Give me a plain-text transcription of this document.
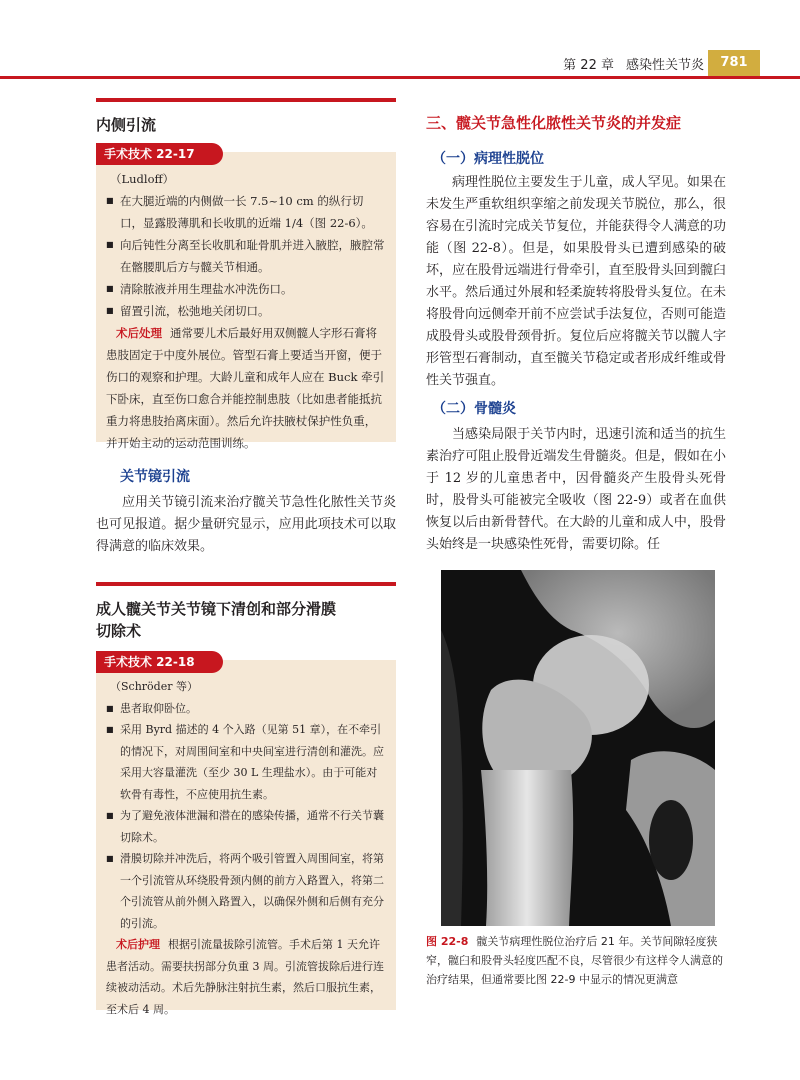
第 22 章 感染性关节炎	781
内侧引流

（Ludloff）

■ 在大腿近端的内侧做一长 7.5~10 cm 的纵行切口，显露股薄肌和长收肌的近端 1/4（图 22-6）。
■ 向后钝性分离至长收肌和耻骨肌并进入腋腔，腋腔常在髂腰肌后方与髋关节相通。
■ 清除脓液并用生理盐水冲洗伤口。
■ 留置引流，松弛地关闭切口。

术后处理 通常要儿术后最好用双侧髋人字形石膏将患肢固定于中度外展位。管型石膏上要适当开窗，便于伤口的观察和护理。大龄儿童和成年人应在 Buck 牵引下卧床，直至伤口愈合并能控制患肢（比如患者能抵抗重力将患肢抬离床面）。然后允许扶腋杖保护性负重，并开始主动的运动范围训练。

手术技术 22-17
关节镜引流

应用关节镜引流来治疗髋关节急性化脓性关节炎也可见报道。据少量研究显示，应用此项技术可以取得满意的临床效果。

成人髋关节关节镜下清创和部分滑膜
切除术

（Schröder 等）

■ 患者取仰卧位。
■ 采用 Byrd 描述的 4 个入路（见第 51 章），在不牵引的情况下，对周围间室和中央间室进行清创和灌洗。应采用大容量灌洗（至少 30 L 生理盐水）。由于可能对软骨有毒性，不应使用抗生素。
■ 为了避免液体泄漏和潜在的感染传播，通常不行关节囊切除术。
■ 滑膜切除并冲洗后，将两个吸引管置入周围间室，将第一个引流管从环绕股骨颈内侧的前方入路置入，将第二个引流管从前外侧入路置入，以确保外侧和后侧有充分的引流。

术后护理 根据引流量拔除引流管。手术后第 1 天允许患者活动。需要扶拐部分负重 3 周。引流管拔除后进行连续被动活动。术后先静脉注射抗生素，然后口服抗生素，至术后 4 周。

手术技术 22-18
三、髋关节急性化脓性关节炎的并发症
（一）病理性脱位

病理性脱位主要发生于儿童，成人罕见。如果在未发生严重软组织挛缩之前发现关节脱位，那么，很容易在引流时完成关节复位，并能获得令人满意的功能（图 22-8）。但是，如果股骨头已遭到感染的破坏，应在股骨远端进行骨牵引，直至股骨头回到髋臼水平。然后通过外展和轻柔旋转将股骨头复位。在未将股骨向远侧牵开前不应尝试手法复位，否则可能造成股骨头或股骨颈骨折。复位后应将髋关节以髋人字形管型石膏制动，直至髋关节稳定或者形成纤维或骨性关节强直。

（二）骨髓炎

当感染局限于关节内时，迅速引流和适当的抗生素治疗可阻止股骨近端发生骨髓炎。但是，假如在小于 12 岁的儿童患者中，因骨髓炎产生股骨头死骨时，股骨头可能被完全吸收（图 22-9）或者在血供恢复以后由新骨替代。在大龄的儿童和成人中，股骨头始终是一块感染性死骨，需要切除。任

图 22-8 髋关节病理性脱位治疗后 21 年。关节间隙轻度狭窄，髋臼和股骨头轻度匹配不良，尽管很少有这样令人满意的治疗结果，但通常要比图 22-9 中显示的情况更满意
